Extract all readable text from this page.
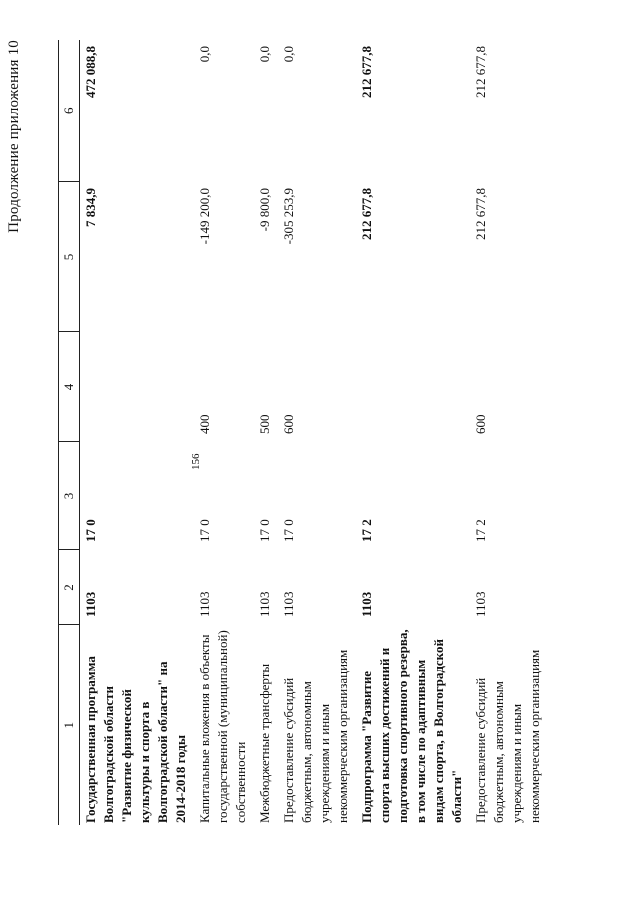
156
Продолжение приложения 10
1	2	3	4	5	6
Государственная программа Волгоградской области "Развитие физической культуры и спорта в Волгоградской области" на 2014-2018 годы	1103	17 0		7 834,9	472 088,8
Капитальные вложения в объекты государственной (муниципальной) собственности	1103	17 0	400	-149 200,0	0,0
Межбюджетные трансферты	1103	17 0	500	-9 800,0	0,0
Предоставление субсидий бюджетным, автономным учреждениям и иным некоммерческим организациям	1103	17 0	600	-305 253,9	0,0
Подпрограмма "Развитие спорта высших достижений и подготовка спортивного резерва, в том числе по адаптивным видам спорта, в Волгоградской области"	1103	17 2		212 677,8	212 677,8
Предоставление субсидий бюджетным, автономным учреждениям и иным некоммерческим организациям	1103	17 2	600	212 677,8	212 677,8
